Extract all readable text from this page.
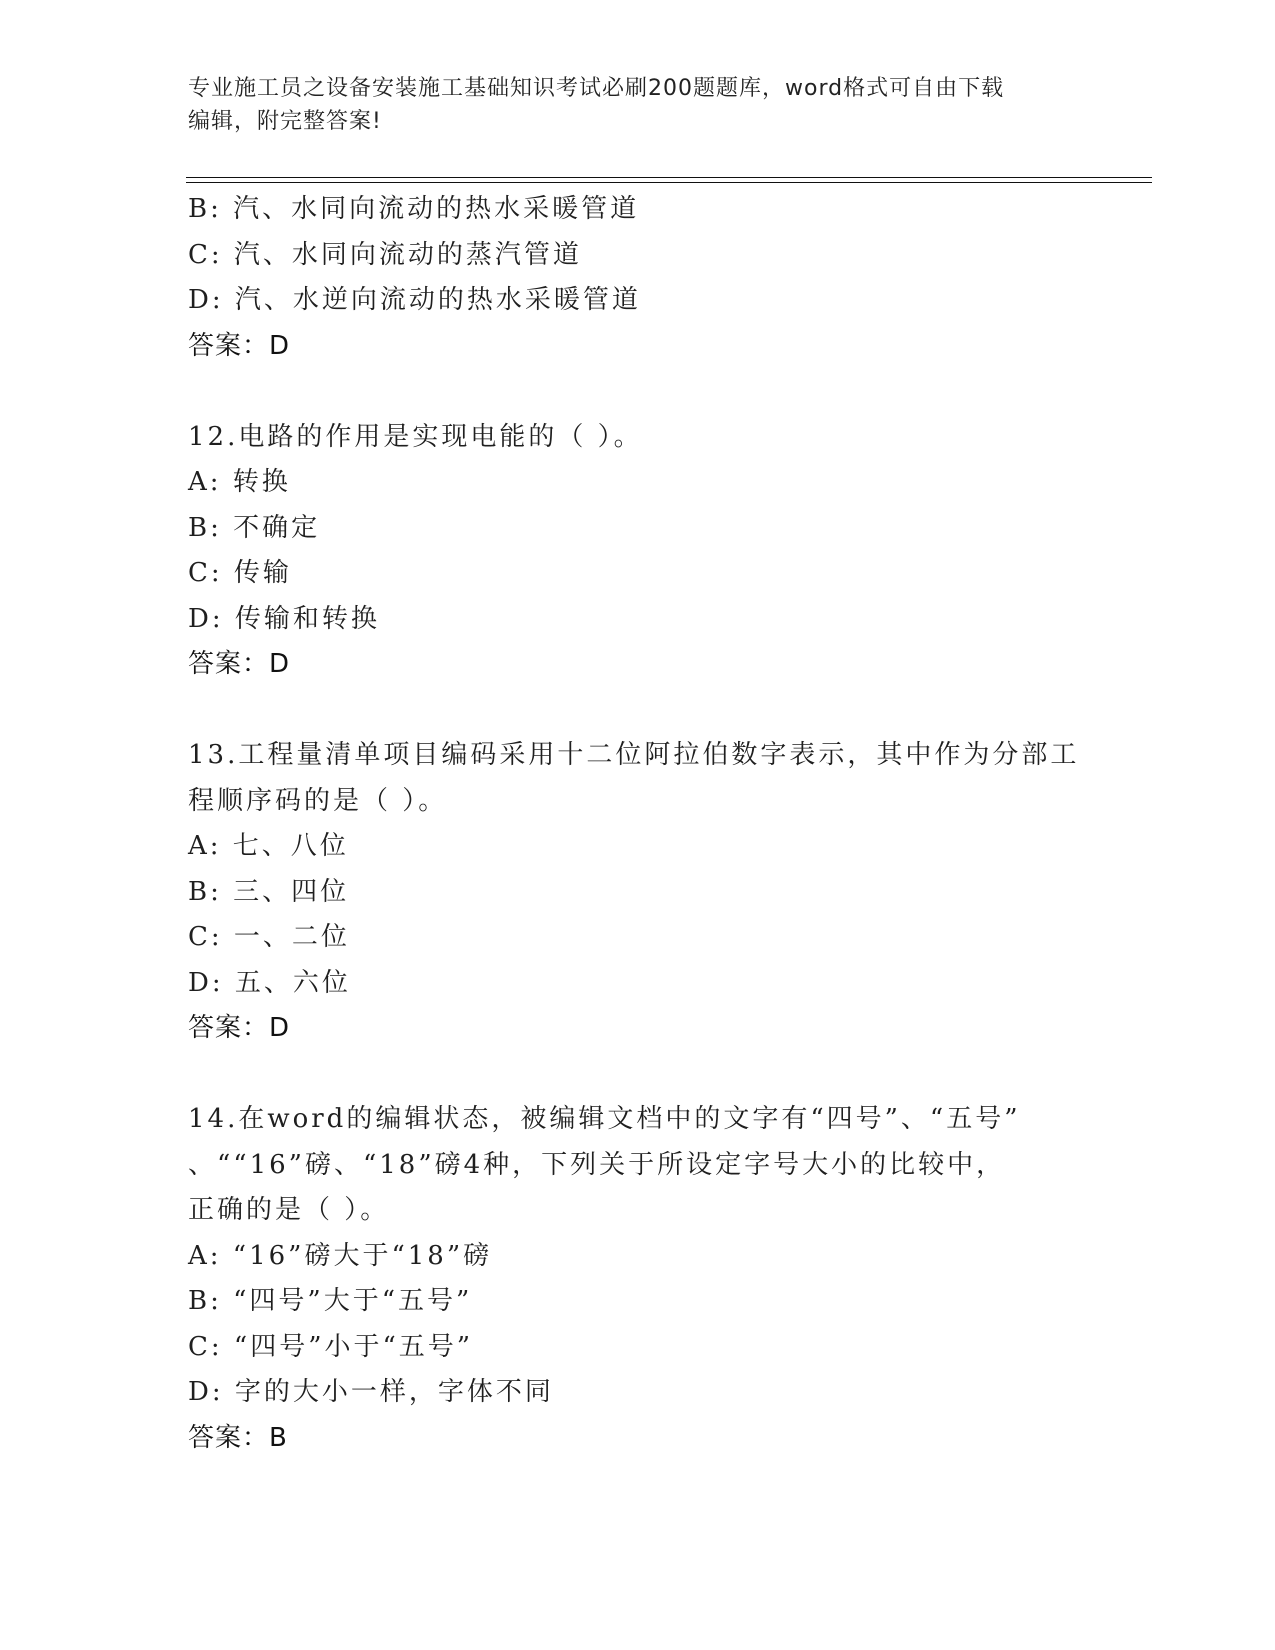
专业施工员之设备安装施工基础知识考试必刷200题题库，word格式可自由下载
编辑，附完整答案!
B: 汽、水同向流动的热水采暖管道
C: 汽、水同向流动的蒸汽管道
D: 汽、水逆向流动的热水采暖管道
答案：D
12.电路的作用是实现电能的（ ）。
A: 转换
B: 不确定
C: 传输
D: 传输和转换
答案：D
13.工程量清单项目编码采用十二位阿拉伯数字表示，其中作为分部工
程顺序码的是（ ）。
A: 七、八位
B: 三、四位
C: 一、二位
D: 五、六位
答案：D
14.在word的编辑状态，被编辑文档中的文字有“四号”、“五号”
、““16”磅、“18”磅4种，下列关于所设定字号大小的比较中，
正确的是（ ）。
A: “16”磅大于“18”磅
B: “四号”大于“五号”
C: “四号”小于“五号”
D: 字的大小一样，字体不同
答案：B
